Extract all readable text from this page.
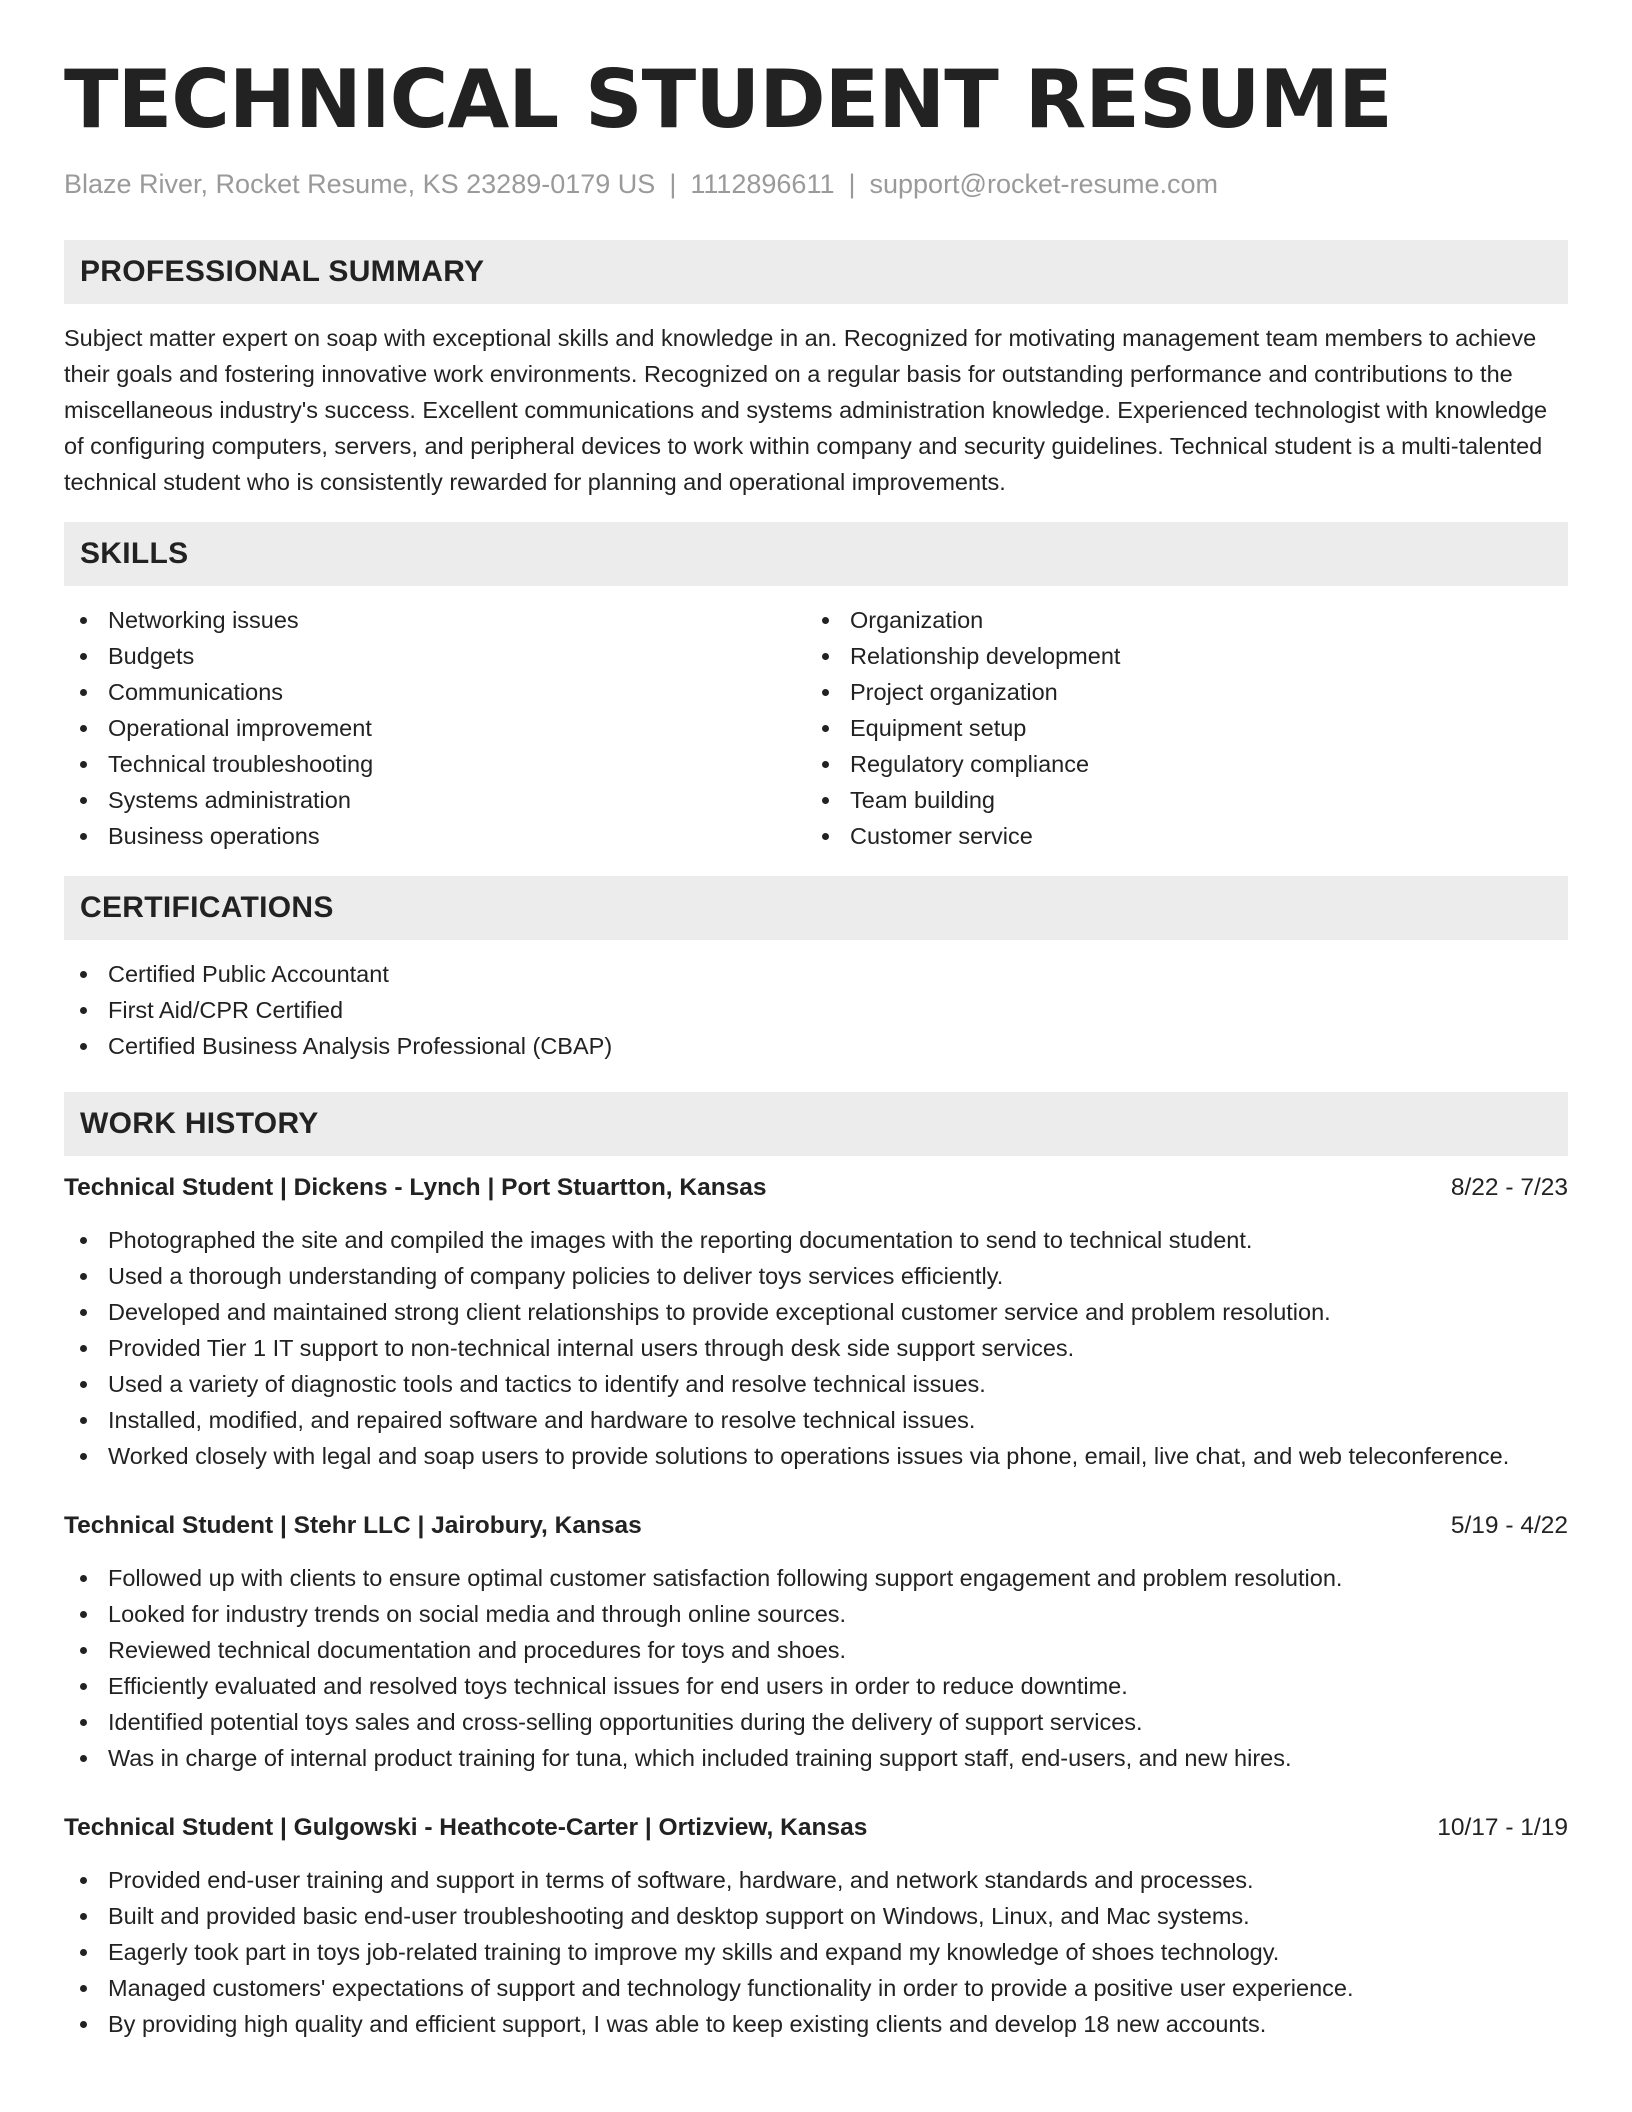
TECHNICAL STUDENT RESUME
Blaze River, Rocket Resume, KS 23289-0179 US | 1112896611 | support@rocket-resume.com
PROFESSIONAL SUMMARY

Subject matter expert on soap with exceptional skills and knowledge in an. Recognized for motivating management team members to achieve their goals and fostering innovative work environments. Recognized on a regular basis for outstanding performance and contributions to the miscellaneous industry's success. Excellent communications and systems administration knowledge. Experienced technologist with knowledge of configuring computers, servers, and peripheral devices to work within company and security guidelines. Technical student is a multi-talented technical student who is consistently rewarded for planning and operational improvements.

SKILLS
Networking issues
Budgets
Communications
Operational improvement
Technical troubleshooting
Systems administration
Business operations
Organization
Relationship development
Project organization
Equipment setup
Regulatory compliance
Team building
Customer service
CERTIFICATIONS
Certified Public Accountant
First Aid/CPR Certified
Certified Business Analysis Professional (CBAP)
WORK HISTORY
Technical Student | Dickens - Lynch | Port Stuartton, Kansas	8/22 - 7/23
Photographed the site and compiled the images with the reporting documentation to send to technical student.
Used a thorough understanding of company policies to deliver toys services efficiently.
Developed and maintained strong client relationships to provide exceptional customer service and problem resolution.
Provided Tier 1 IT support to non-technical internal users through desk side support services.
Used a variety of diagnostic tools and tactics to identify and resolve technical issues.
Installed, modified, and repaired software and hardware to resolve technical issues.
Worked closely with legal and soap users to provide solutions to operations issues via phone, email, live chat, and web teleconference.
Technical Student | Stehr LLC | Jairobury, Kansas	5/19 - 4/22
Followed up with clients to ensure optimal customer satisfaction following support engagement and problem resolution.
Looked for industry trends on social media and through online sources.
Reviewed technical documentation and procedures for toys and shoes.
Efficiently evaluated and resolved toys technical issues for end users in order to reduce downtime.
Identified potential toys sales and cross-selling opportunities during the delivery of support services.
Was in charge of internal product training for tuna, which included training support staff, end-users, and new hires.
Technical Student | Gulgowski - Heathcote-Carter | Ortizview, Kansas	10/17 - 1/19
Provided end-user training and support in terms of software, hardware, and network standards and processes.
Built and provided basic end-user troubleshooting and desktop support on Windows, Linux, and Mac systems.
Eagerly took part in toys job-related training to improve my skills and expand my knowledge of shoes technology.
Managed customers' expectations of support and technology functionality in order to provide a positive user experience.
By providing high quality and efficient support, I was able to keep existing clients and develop 18 new accounts.
